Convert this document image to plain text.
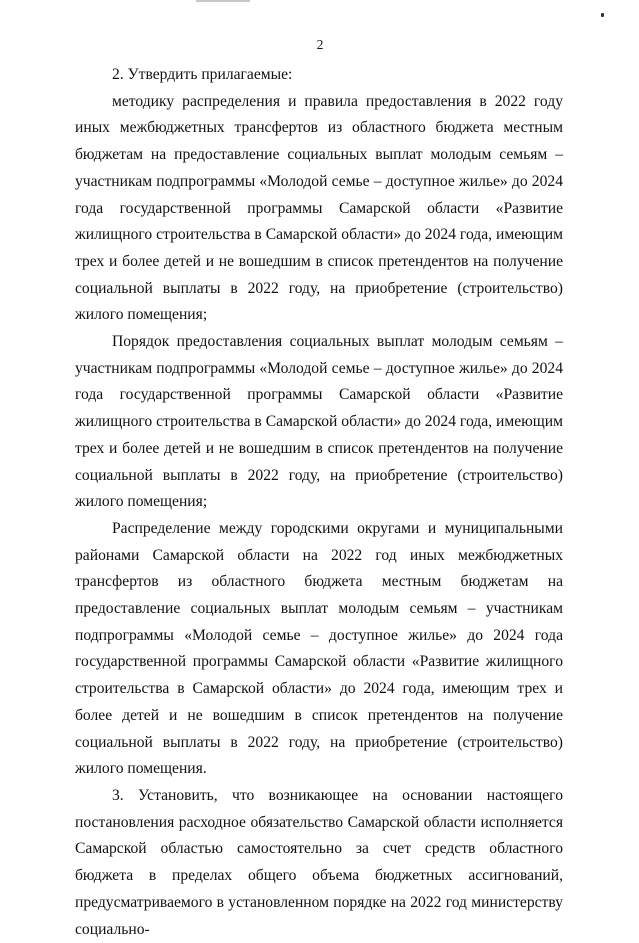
2

2. Утвердить прилагаемые:

методику распределения и правила предоставления в 2022 году иных межбюджетных трансфертов из областного бюджета местным бюджетам на предоставление социальных выплат молодым семьям – участникам подпрограммы «Молодой семье – доступное жилье» до 2024 года государственной программы Самарской области «Развитие жилищного строительства в Самарской области» до 2024 года, имеющим трех и более детей и не вошедшим в список претендентов на получение социальной выплаты в 2022 году, на приобретение (строительство) жилого помещения;

Порядок предоставления социальных выплат молодым семьям – участникам подпрограммы «Молодой семье – доступное жилье» до 2024 года государственной программы Самарской области «Развитие жилищного строительства в Самарской области» до 2024 года, имеющим трех и более детей и не вошедшим в список претендентов на получение социальной выплаты в 2022 году, на приобретение (строительство) жилого помещения;

Распределение между городскими округами и муниципальными районами Самарской области на 2022 год иных межбюджетных трансфертов из областного бюджета местным бюджетам на предоставление социальных выплат молодым семьям – участникам подпрограммы «Молодой семье – доступное жилье» до 2024 года государственной программы Самарской области «Развитие жилищного строительства в Самарской области» до 2024 года, имеющим трех и более детей и не вошедшим в список претендентов на получение социальной выплаты в 2022 году, на приобретение (строительство) жилого помещения.

3. Установить, что возникающее на основании настоящего постановления расходное обязательство Самарской области исполняется Самарской областью самостоятельно за счет средств областного бюджета в пределах общего объема бюджетных ассигнований, предусматриваемого в установленном порядке на 2022 год министерству социально-
